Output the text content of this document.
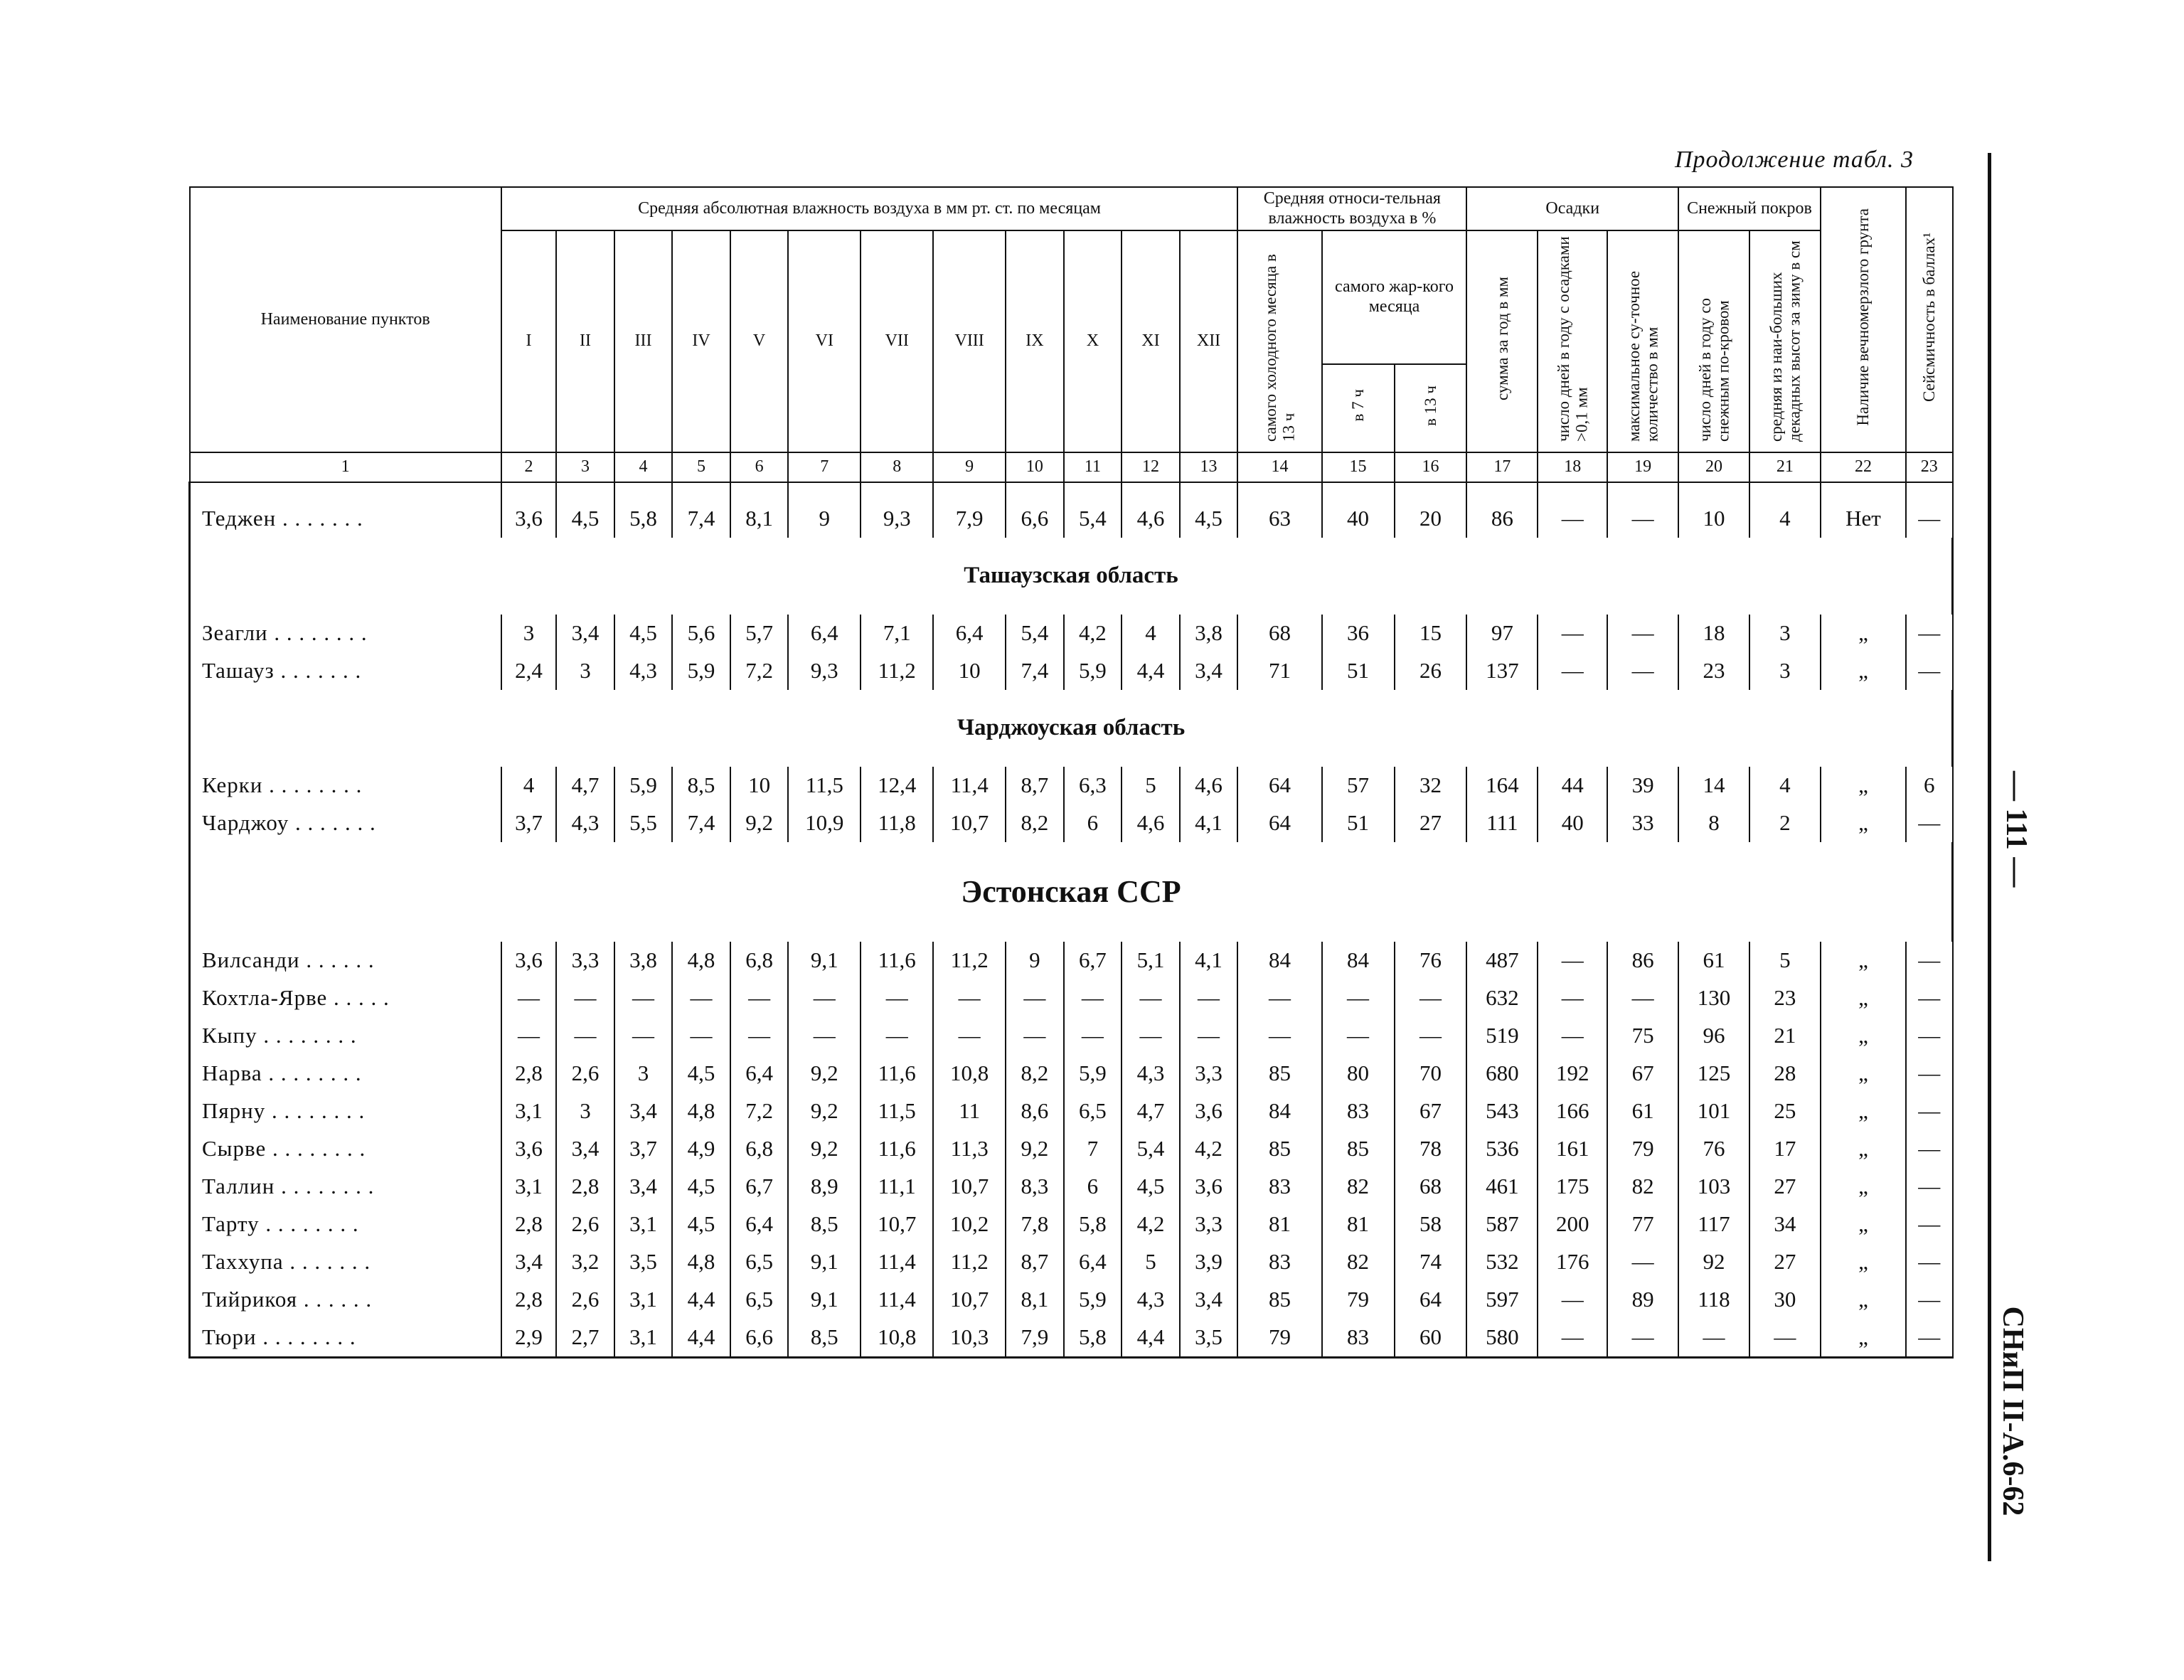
Продолжение табл. 3
— 111 —
СНиП II-А.6-62
Наименование пунктов	Средняя абсолютная влажность воздуха в мм рт. ст. по месяцам												Средняя относи-тельная влажность воздуха в %			Осадки			Снежный покров		Наличие вечномерзлого грунта	Сейсмичность в баллах¹
	I	II	III	IV	V	VI	VII	VIII	IX	X	XI	XII	самого холодного месяца в 13 ч	самого жар-кого месяца		сумма за год в мм	число дней в году с осадками >0,1 мм	максимальное су-точное количество в мм	число дней в году со снежным по-кровом	средняя из наи-больших декадных высот за зиму в см		
														в 7 ч	в 13 ч							
1	2	3	4	5	6	7	8	9	10	11	12	13	14	15	16	17	18	19	20	21	22	23

Теджен . . . . . . .	3,6	4,5	5,8	7,4	8,1	9	9,3	7,9	6,6	5,4	4,6	4,5	63	40	20	86	—	—	10	4	Нет	—
Ташаузская область																						
Зеагли . . . . . . . .	3	3,4	4,5	5,6	5,7	6,4	7,1	6,4	5,4	4,2	4	3,8	68	36	15	97	—	—	18	3	„	—
Ташауз . . . . . . .	2,4	3	4,3	5,9	7,2	9,3	11,2	10	7,4	5,9	4,4	3,4	71	51	26	137	—	—	23	3	„	—
Чарджоуская область																						
Керки . . . . . . . .	4	4,7	5,9	8,5	10	11,5	12,4	11,4	8,7	6,3	5	4,6	64	57	32	164	44	39	14	4	„	6
Чарджоу . . . . . . .	3,7	4,3	5,5	7,4	9,2	10,9	11,8	10,7	8,2	6	4,6	4,1	64	51	27	111	40	33	8	2	„	—
Эстонская ССР																						
Вилсанди . . . . . .	3,6	3,3	3,8	4,8	6,8	9,1	11,6	11,2	9	6,7	5,1	4,1	84	84	76	487	—	86	61	5	„	—
Кохтла-Ярве . . . . .	—	—	—	—	—	—	—	—	—	—	—	—	—	—	—	632	—	—	130	23	„	—
Кыпу . . . . . . . .	—	—	—	—	—	—	—	—	—	—	—	—	—	—	—	519	—	75	96	21	„	—
Нарва . . . . . . . .	2,8	2,6	3	4,5	6,4	9,2	11,6	10,8	8,2	5,9	4,3	3,3	85	80	70	680	192	67	125	28	„	—
Пярну . . . . . . . .	3,1	3	3,4	4,8	7,2	9,2	11,5	11	8,6	6,5	4,7	3,6	84	83	67	543	166	61	101	25	„	—
Сырве . . . . . . . .	3,6	3,4	3,7	4,9	6,8	9,2	11,6	11,3	9,2	7	5,4	4,2	85	85	78	536	161	79	76	17	„	—
Таллин . . . . . . . .	3,1	2,8	3,4	4,5	6,7	8,9	11,1	10,7	8,3	6	4,5	3,6	83	82	68	461	175	82	103	27	„	—
Тарту . . . . . . . .	2,8	2,6	3,1	4,5	6,4	8,5	10,7	10,2	7,8	5,8	4,2	3,3	81	81	58	587	200	77	117	34	„	—
Таххупа . . . . . . .	3,4	3,2	3,5	4,8	6,5	9,1	11,4	11,2	8,7	6,4	5	3,9	83	82	74	532	176	—	92	27	„	—
Тийрикоя . . . . . .	2,8	2,6	3,1	4,4	6,5	9,1	11,4	10,7	8,1	5,9	4,3	3,4	85	79	64	597	—	89	118	30	„	—
Тюри . . . . . . . .	2,9	2,7	3,1	4,4	6,6	8,5	10,8	10,3	7,9	5,8	4,4	3,5	79	83	60	580	—	—	—	—	„	—
